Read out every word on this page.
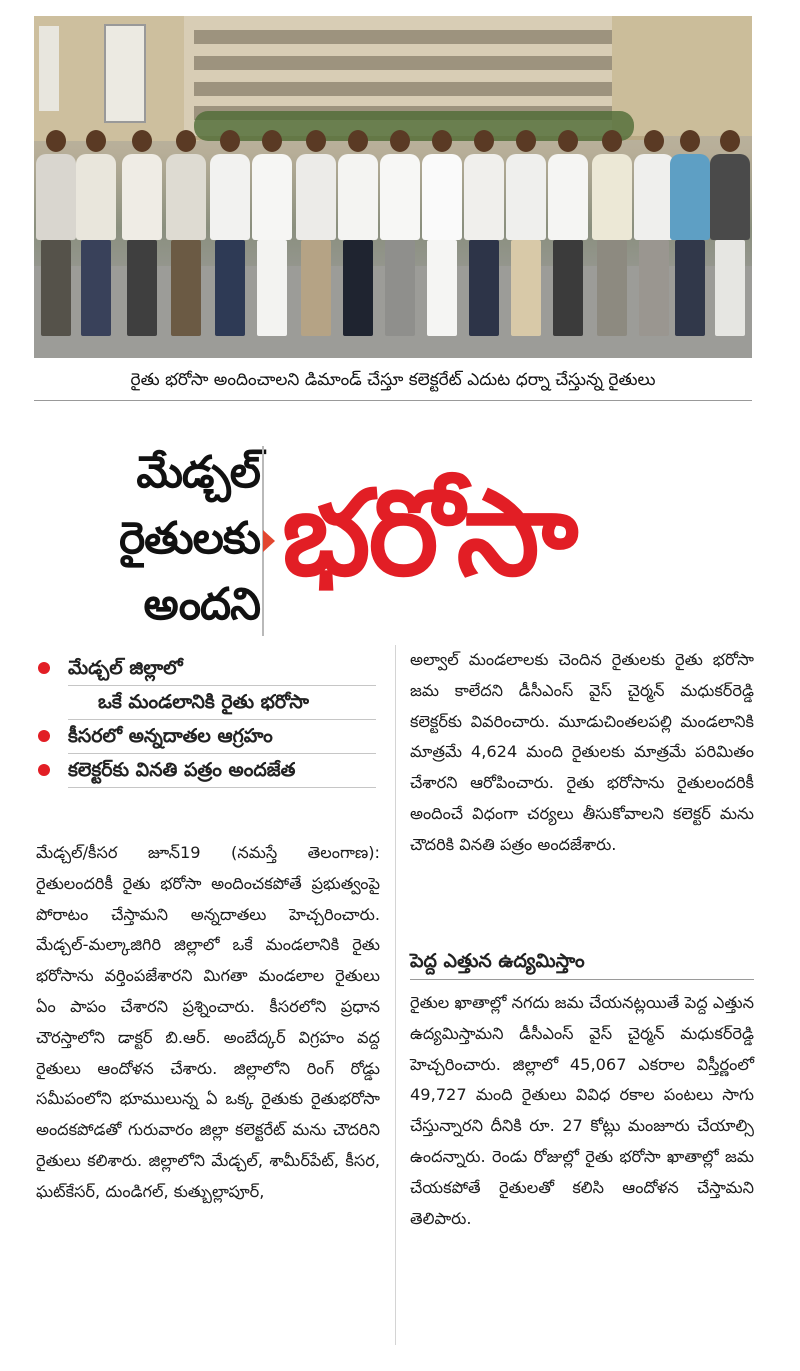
రైతు భరోసా అందించాలని డిమాండ్ చేస్తూ కలెక్టరేట్ ఎదుట ధర్నా చేస్తున్న రైతులు
మేడ్చల్
రైతులకు
అందని
భరోసా
మేడ్చల్ జిల్లాలో
ఒకే మండలానికి రైతు భరోసా
కీసరలో అన్నదాతల ఆగ్రహం
కలెక్టర్‌కు వినతి పత్రం అందజేత

మేడ్చల్/కీసర జూన్19 (నమస్తే తెలంగాణ): రైతులందరికీ రైతు భరోసా అందించకపోతే ప్రభుత్వంపై పోరాటం చేస్తామని అన్నదాతలు హెచ్చరించారు. మేడ్చల్-మల్కాజిగిరి జిల్లాలో ఒకే మండలానికి రైతు భరోసాను వర్తింపజేశారని మిగతా మండలాల రైతులు ఏం పాపం చేశారని ప్రశ్నించారు. కీసరలోని ప్రధాన చౌరస్తాలోని డాక్టర్ బి.ఆర్. అంబేద్కర్ విగ్రహం వద్ద రైతులు ఆందోళన చేశారు. జిల్లాలోని రింగ్ రోడ్డు సమీపంలోని భూములున్న ఏ ఒక్క రైతుకు రైతుభరోసా అందకపోడతో గురువారం జిల్లా కలెక్టరేట్ మను చౌదరిని రైతులు కలిశారు. జిల్లాలోని మేడ్చల్, శామీర్‌పేట్, కీసర, ఘట్‌కేసర్, దుండిగల్, కుత్బుల్లాపూర్,

అల్వాల్ మండలాలకు చెందిన రైతులకు రైతు భరోసా జమ కాలేదని డీసీఎంస్ వైస్ చైర్మన్ మధుకర్‌రెడ్డి కలెక్టర్‌కు వివరించారు. మూడుచింతలపల్లి మండలానికి మాత్రమే 4,624 మంది రైతులకు మాత్రమే పరిమితం చేశారని ఆరోపించారు. రైతు భరోసాను రైతులందరికీ అందించే విధంగా చర్యలు తీసుకోవాలని కలెక్టర్ మను చౌదరికి వినతి పత్రం అందజేశారు.

పెద్ద ఎత్తున ఉద్యమిస్తాం

రైతుల ఖాతాల్లో నగదు జమ చేయనట్లయితే పెద్ద ఎత్తున ఉద్యమిస్తామని డీసీఎంస్ వైస్ చైర్మన్ మధుకర్‌రెడ్డి హెచ్చరించారు. జిల్లాలో 45,067 ఎకరాల విస్తీర్ణంలో 49,727 మంది రైతులు వివిధ రకాల పంటలు సాగు చేస్తున్నారని దీనికి రూ. 27 కోట్లు మంజూరు చేయాల్సి ఉందన్నారు. రెండు రోజుల్లో రైతు భరోసా ఖాతాల్లో జమ చేయకపోతే రైతులతో కలిసి ఆందోళన చేస్తామని తెలిపారు.
